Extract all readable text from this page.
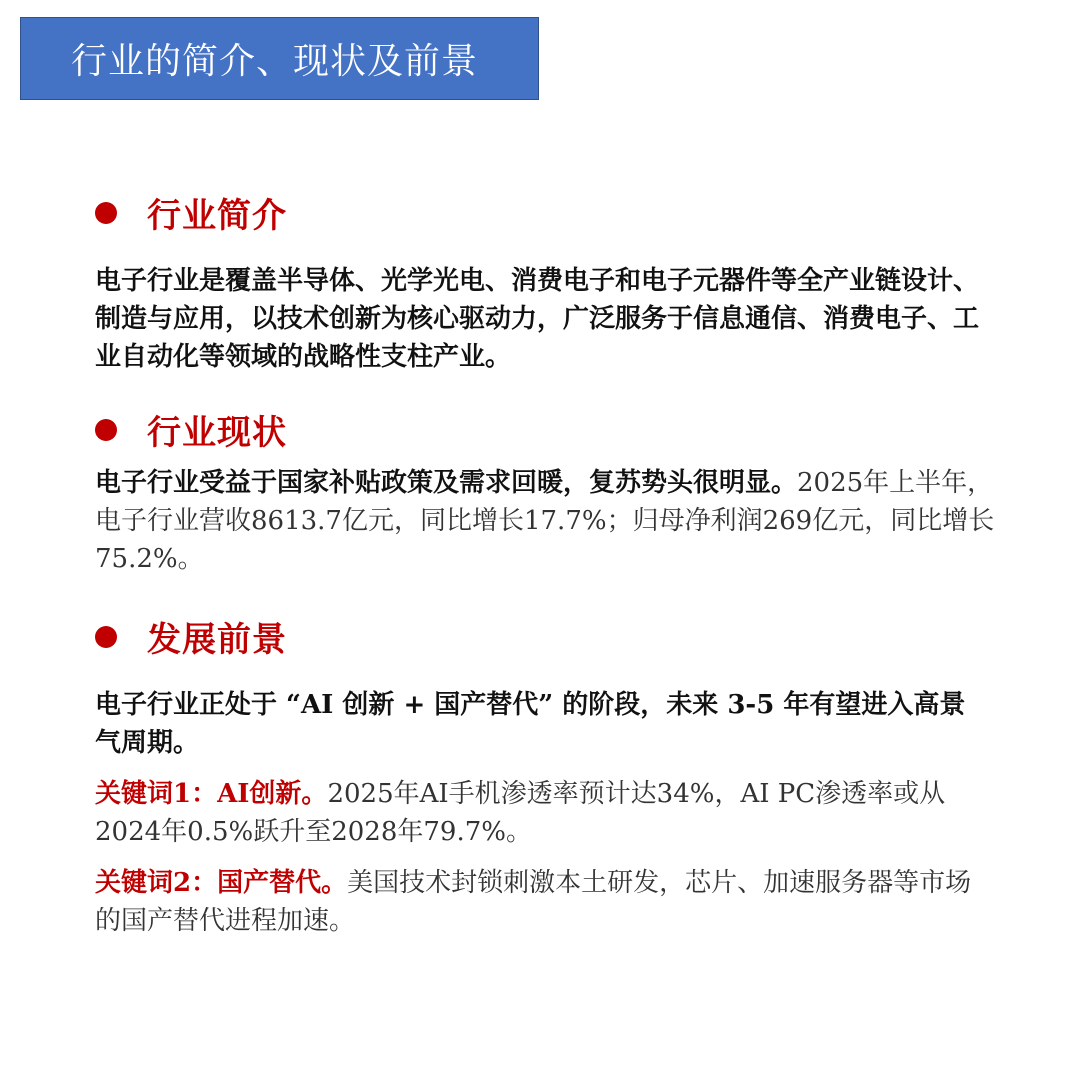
行业的简介、现状及前景
行业简介

电子行业是覆盖半导体、光学光电、消费电子和电子元器件等全产业链设计、制造与应用，以技术创新为核心驱动力，广泛服务于信息通信、消费电子、工业自动化等领域的战略性支柱产业。

行业现状

电子行业受益于国家补贴政策及需求回暖，复苏势头很明显。2025年上半年，电子行业营收8613.7亿元，同比增长17.7%；归母净利润269亿元，同比增长75.2%。

发展前景

电子行业正处于 “AI 创新 + 国产替代” 的阶段，未来 3-5 年有望进入高景气周期。

关键词1：AI创新。2025年AI手机渗透率预计达34%，AI PC渗透率或从2024年0.5%跃升至2028年79.7%。

关键词2：国产替代。美国技术封锁刺激本土研发，芯片、加速服务器等市场的国产替代进程加速。
